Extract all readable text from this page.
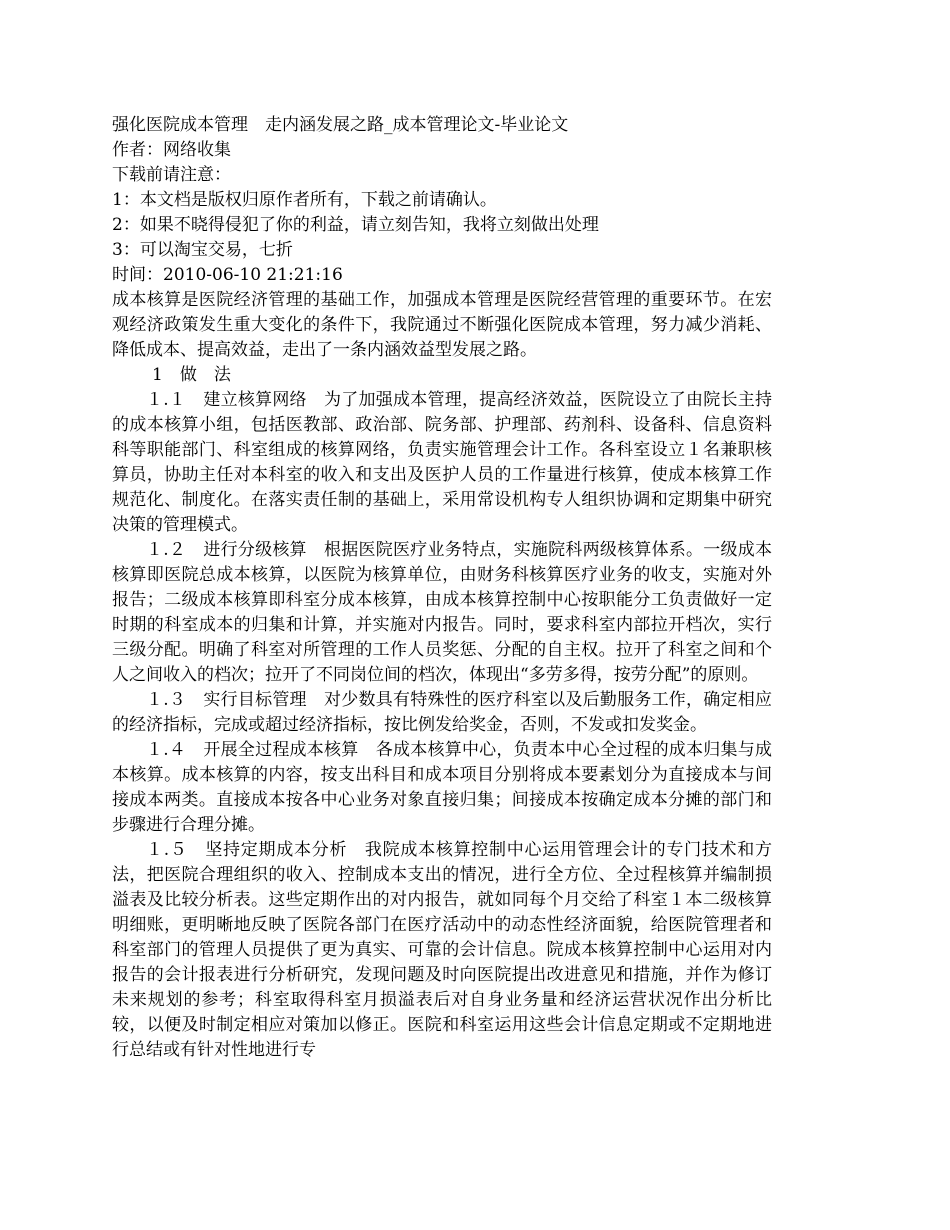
强化医院成本管理　走内涵发展之路_成本管理论文-毕业论文

作者：网络收集

下载前请注意：

1：本文档是版权归原作者所有，下载之前请确认。

2：如果不晓得侵犯了你的利益，请立刻告知，我将立刻做出处理

3：可以淘宝交易，七折

时间：2010-06-10 21:21:16

成本核算是医院经济管理的基础工作，加强成本管理是医院经营管理的重要环节。在宏观经济政策发生重大变化的条件下，我院通过不断强化医院成本管理，努力减少消耗、降低成本、提高效益，走出了一条内涵效益型发展之路。

1　做　法

１.１　建立核算网络　为了加强成本管理，提高经济效益，医院设立了由院长主持的成本核算小组，包括医教部、政治部、院务部、护理部、药剂科、设备科、信息资料科等职能部门、科室组成的核算网络，负责实施管理会计工作。各科室设立１名兼职核算员，协助主任对本科室的收入和支出及医护人员的工作量进行核算，使成本核算工作规范化、制度化。在落实责任制的基础上，采用常设机构专人组织协调和定期集中研究决策的管理模式。

１.２　进行分级核算　根据医院医疗业务特点，实施院科两级核算体系。一级成本核算即医院总成本核算，以医院为核算单位，由财务科核算医疗业务的收支，实施对外报告；二级成本核算即科室分成本核算，由成本核算控制中心按职能分工负责做好一定时期的科室成本的归集和计算，并实施对内报告。同时，要求科室内部拉开档次，实行三级分配。明确了科室对所管理的工作人员奖惩、分配的自主权。拉开了科室之间和个人之间收入的档次；拉开了不同岗位间的档次，体现出“多劳多得，按劳分配”的原则。

１.３　实行目标管理　对少数具有特殊性的医疗科室以及后勤服务工作，确定相应的经济指标，完成或超过经济指标，按比例发给奖金，否则，不发或扣发奖金。

１.４　开展全过程成本核算　各成本核算中心，负责本中心全过程的成本归集与成本核算。成本核算的内容，按支出科目和成本项目分别将成本要素划分为直接成本与间接成本两类。直接成本按各中心业务对象直接归集；间接成本按确定成本分摊的部门和步骤进行合理分摊。

１.５　坚持定期成本分析　我院成本核算控制中心运用管理会计的专门技术和方法，把医院合理组织的收入、控制成本支出的情况，进行全方位、全过程核算并编制损溢表及比较分析表。这些定期作出的对内报告，就如同每个月交给了科室１本二级核算明细账，更明晰地反映了医院各部门在医疗活动中的动态性经济面貌，给医院管理者和科室部门的管理人员提供了更为真实、可靠的会计信息。院成本核算控制中心运用对内报告的会计报表进行分析研究，发现问题及时向医院提出改进意见和措施，并作为修订未来规划的参考；科室取得科室月损溢表后对自身业务量和经济运营状况作出分析比较，以便及时制定相应对策加以修正。医院和科室运用这些会计信息定期或不定期地进行总结或有针对性地进行专
